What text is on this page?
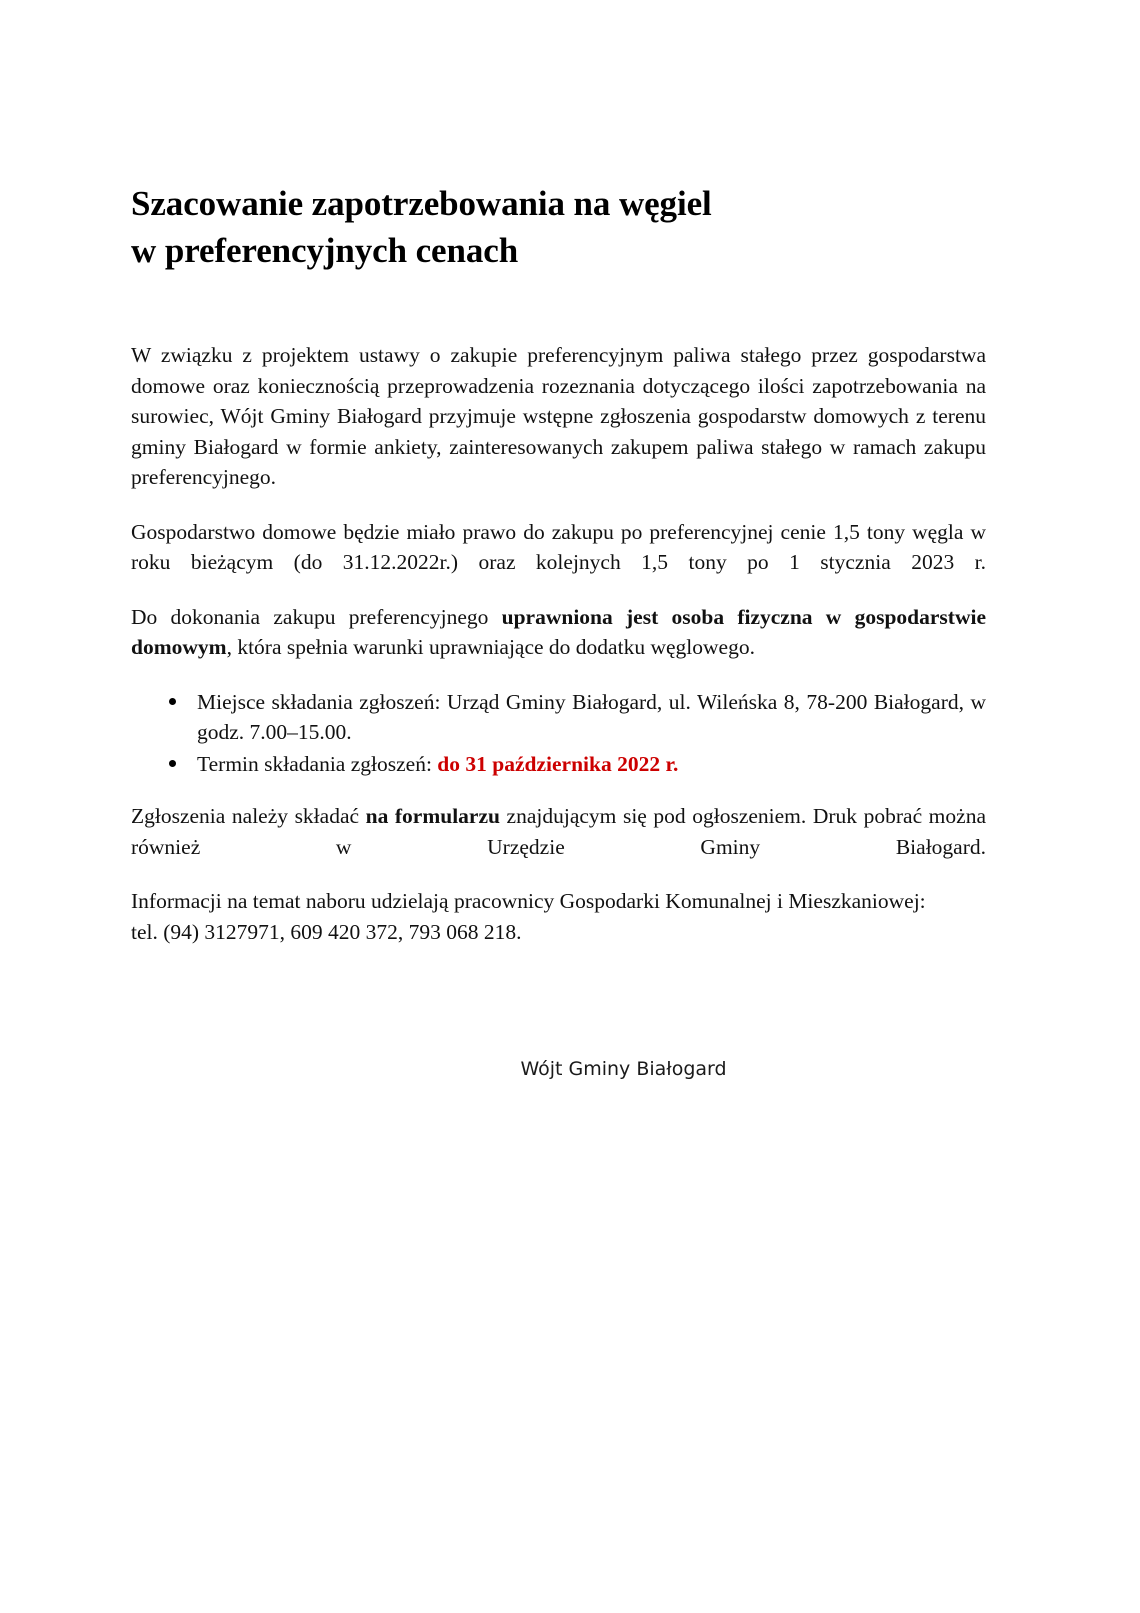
Szacowanie zapotrzebowania na węgiel
w preferencyjnych cenach

W związku z projektem ustawy o zakupie preferencyjnym paliwa stałego przez gospodarstwa domowe oraz koniecznością przeprowadzenia rozeznania dotyczącego ilości zapotrzebowania na surowiec, Wójt Gminy Białogard przyjmuje wstępne zgłoszenia gospodarstw domowych z terenu gminy Białogard w formie ankiety, zainteresowanych zakupem paliwa stałego w ramach zakupu preferencyjnego.

Gospodarstwo domowe będzie miało prawo do zakupu po preferencyjnej cenie 1,5 tony węgla w roku bieżącym (do 31.12.2022r.) oraz kolejnych 1,5 tony po 1 stycznia 2023 r.

Do dokonania zakupu preferencyjnego uprawniona jest osoba fizyczna w gospodarstwie domowym, która spełnia warunki uprawniające do dodatku węglowego.

Miejsce składania zgłoszeń: Urząd Gminy Białogard, ul. Wileńska 8, 78-200 Białogard, w godz. 7.00–15.00.
Termin składania zgłoszeń: do 31 października 2022 r.

Zgłoszenia należy składać na formularzu znajdującym się pod ogłoszeniem. Druk pobrać można również w Urzędzie Gminy Białogard.

Informacji na temat naboru udzielają pracownicy Gospodarki Komunalnej i Mieszkaniowej:
tel. (94) 3127971, 609 420 372, 793 068 218.

Wójt Gminy Białogard
